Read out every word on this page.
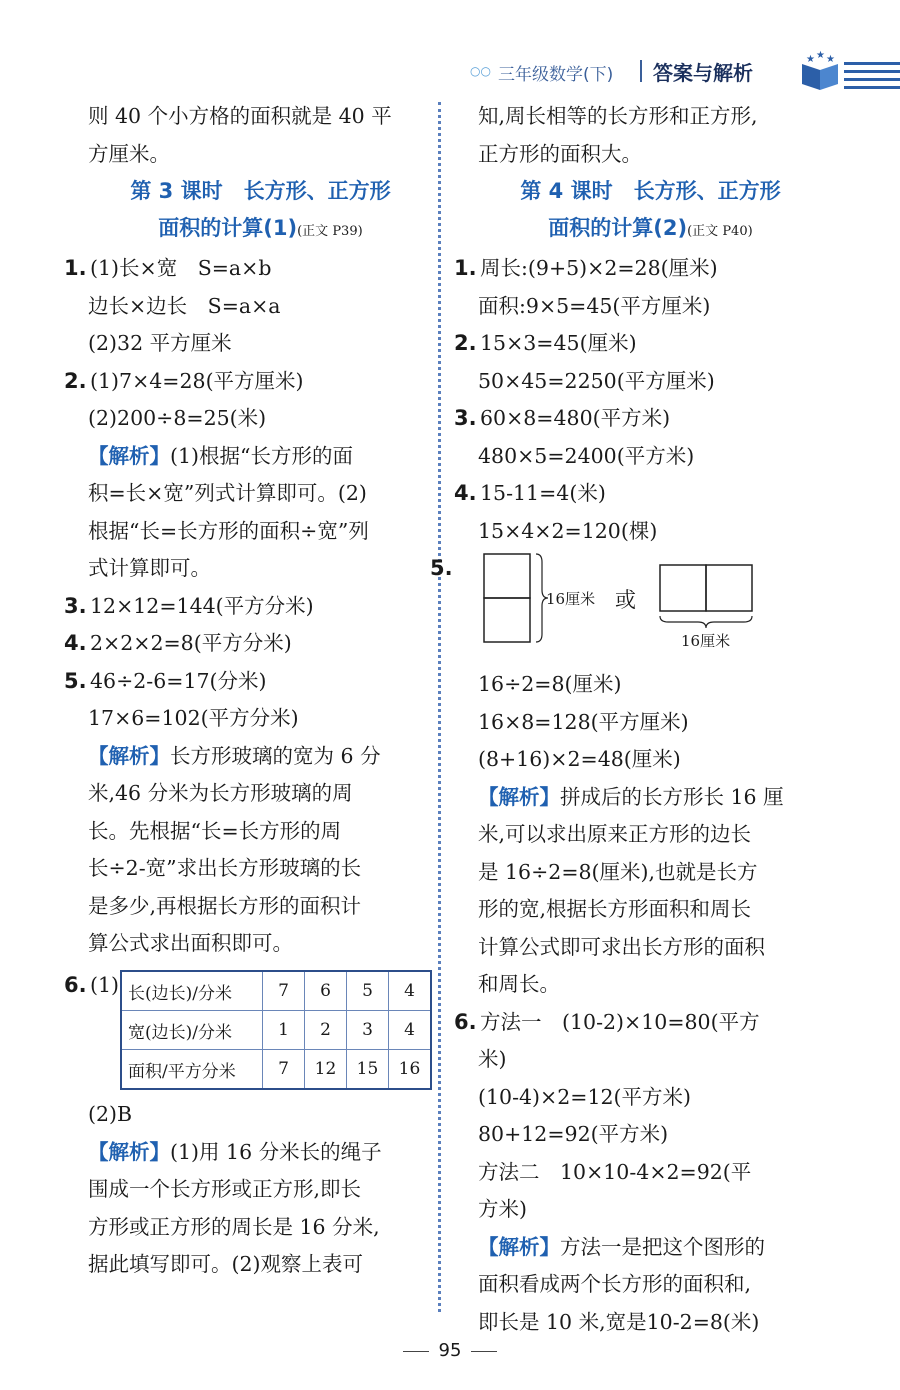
○○ 三年级数学(下) 答案与解析
★ ★ ★
则 40 个小方格的面积就是 40 平
方厘米。
第 3 课时　长方形、正方形
面积的计算(1)(正文 P39)
1. (1)长×宽　S=a×b
边长×边长　S=a×a
(2)32 平方厘米
2. (1)7×4=28(平方厘米)
(2)200÷8=25(米)
【解析】(1)根据“长方形的面
积=长×宽”列式计算即可。(2)
根据“长=长方形的面积÷宽”列
式计算即可。
3. 12×12=144(平方分米)
4. 2×2×2=8(平方分米)
5. 46÷2-6=17(分米)
17×6=102(平方分米)
【解析】长方形玻璃的宽为 6 分
米,46 分米为长方形玻璃的周
长。先根据“长=长方形的周
长÷2-宽”求出长方形玻璃的长
是多少,再根据长方形的面积计
算公式求出面积即可。
6. (1) 长(边长)/分米	7	6	5	4
宽(边长)/分米	1	2	3	4
面积/平方分米	7	12	15	16
(2)B
【解析】(1)用 16 分米长的绳子
围成一个长方形或正方形,即长
方形或正方形的周长是 16 分米,
据此填写即可。(2)观察上表可
知,周长相等的长方形和正方形,
正方形的面积大。
第 4 课时　长方形、正方形
面积的计算(2)(正文 P40)
1. 周长:(9+5)×2=28(厘米)
面积:9×5=45(平方厘米)
2. 15×3=45(厘米)
50×45=2250(平方厘米)
3. 60×8=480(平方米)
480×5=2400(平方米)
4. 15-11=4(米)
15×4×2=120(棵)
5.
16厘米 或
16厘米
16÷2=8(厘米)
16×8=128(平方厘米)
(8+16)×2=48(厘米)
【解析】拼成后的长方形长 16 厘
米,可以求出原来正方形的边长
是 16÷2=8(厘米),也就是长方
形的宽,根据长方形面积和周长
计算公式即可求出长方形的面积
和周长。
6. 方法一　(10-2)×10=80(平方
米)
(10-4)×2=12(平方米)
80+12=92(平方米)
方法二　10×10-4×2=92(平
方米)
【解析】方法一是把这个图形的
面积看成两个长方形的面积和,
即长是 10 米,宽是10-2=8(米)
95
